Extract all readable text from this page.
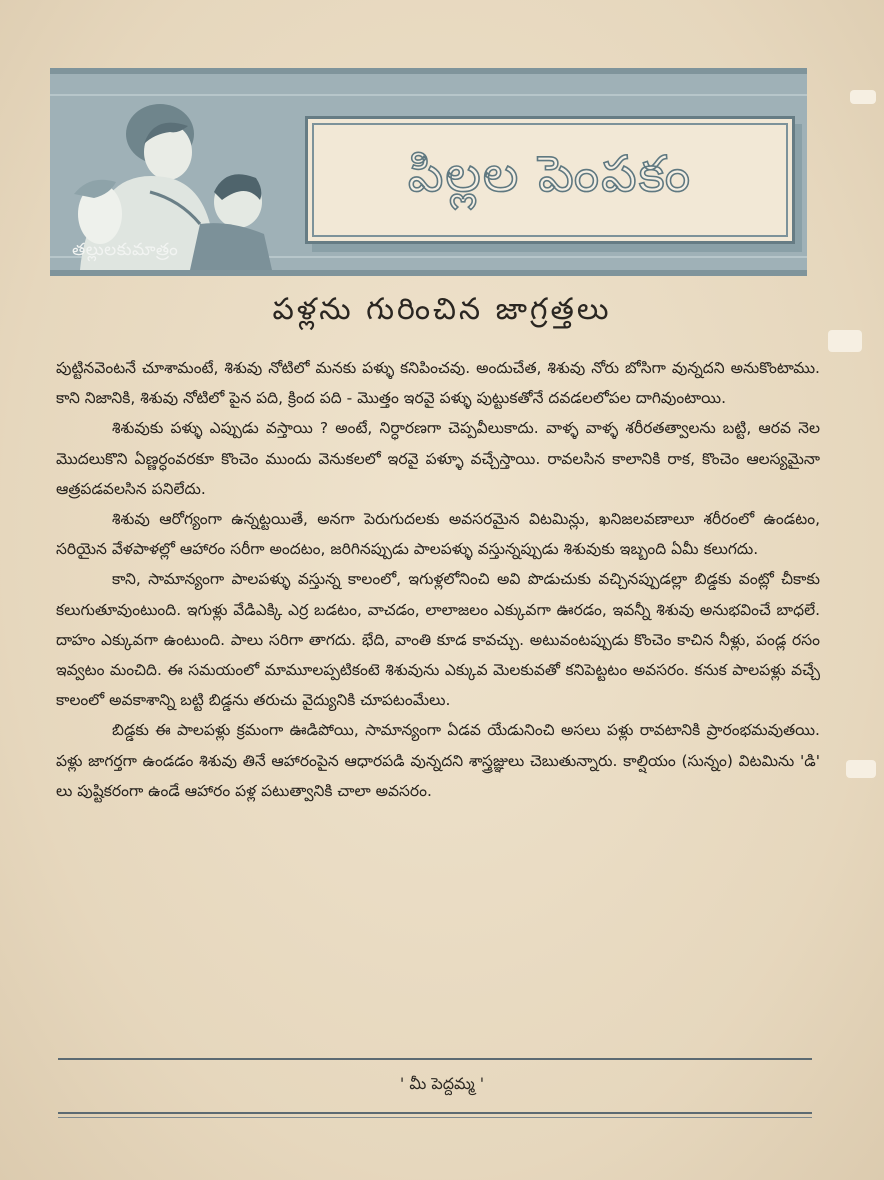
తల్లులకుమాత్రం
పిల్లల పెంపకం
పళ్లను గురించిన జాగ్రత్తలు

పుట్టినవెంటనే చూశామంటే, శిశువు నోటిలో మనకు పళ్ళు కనిపించవు. అందుచేత, శిశువు నోరు బోసిగా వున్నదని అనుకొంటాము. కాని నిజానికి, శిశువు నోటిలో పైన పది, క్రింద పది - మొత్తం ఇరవై పళ్ళు పుట్టుకతోనే దవడలలోపల దాగివుంటాయి.

శిశువుకు పళ్ళు ఎప్పుడు వస్తాయి ? అంటే, నిర్ధారణగా చెప్పవీలుకాదు. వాళ్ళ వాళ్ళ శరీరతత్వాలను బట్టి, ఆరవ నెల మొదలుకొని ఏణ్ణర్ధంవరకూ కొంచెం ముందు వెనుకలలో ఇరవై పళ్ళూ వచ్చేస్తాయి. రావలసిన కాలానికి రాక, కొంచెం ఆలస్యమైనా ఆత్రపడవలసిన పనిలేదు.

శిశువు ఆరోగ్యంగా ఉన్నట్టయితే, అనగా పెరుగుదలకు అవసరమైన విటమిన్లు, ఖనిజలవణాలూ శరీరంలో ఉండటం, సరియైన వేళపాళల్లో ఆహారం సరీగా అందటం, జరిగినప్పుడు పాలపళ్ళు వస్తున్నప్పుడు శిశువుకు ఇబ్బంది ఏమీ కలుగదు.

కాని, సామాన్యంగా పాలపళ్ళు వస్తున్న కాలంలో, ఇగుళ్లలోనించి అవి పొడుచుకు వచ్చినప్పుడల్లా బిడ్డకు వంట్లో చీకాకు కలుగుతూవుంటుంది. ఇగుళ్లు వేడిఎక్కి ఎర్ర బడటం, వాచడం, లాలాజలం ఎక్కువగా ఊరడం, ఇవన్నీ శిశువు అనుభవించే బాధలే. దాహం ఎక్కువగా ఉంటుంది. పాలు సరిగా తాగదు. భేది, వాంతి కూడ కావచ్చు. అటువంటప్పుడు కొంచెం కాచిన నీళ్లు, పండ్ల రసం ఇవ్వటం మంచిది. ఈ సమయంలో మామూలప్పటికంటె శిశువును ఎక్కువ మెలకువతో కనిపెట్టటం అవసరం. కనుక పాలపళ్లు వచ్చే కాలంలో అవకాశాన్ని బట్టి బిడ్డను తరుచు వైద్యునికి చూపటంమేలు.

బిడ్డకు ఈ పాలపళ్లు క్రమంగా ఊడిపోయి, సామాన్యంగా ఏడవ యేడునించి అసలు పళ్లు రావటానికి ప్రారంభమవుతయి. పళ్లు జాగర్తగా ఉండడం శిశువు తినే ఆహారంపైన ఆధారపడి వున్నదని శాస్త్రజ్ఞులు చెబుతున్నారు. కాల్షియం (సున్నం) విటమిను 'డి' లు పుష్టికరంగా ఉండే ఆహారం పళ్ల పటుత్వానికి చాలా అవసరం.

' మీ పెద్దమ్మ '
